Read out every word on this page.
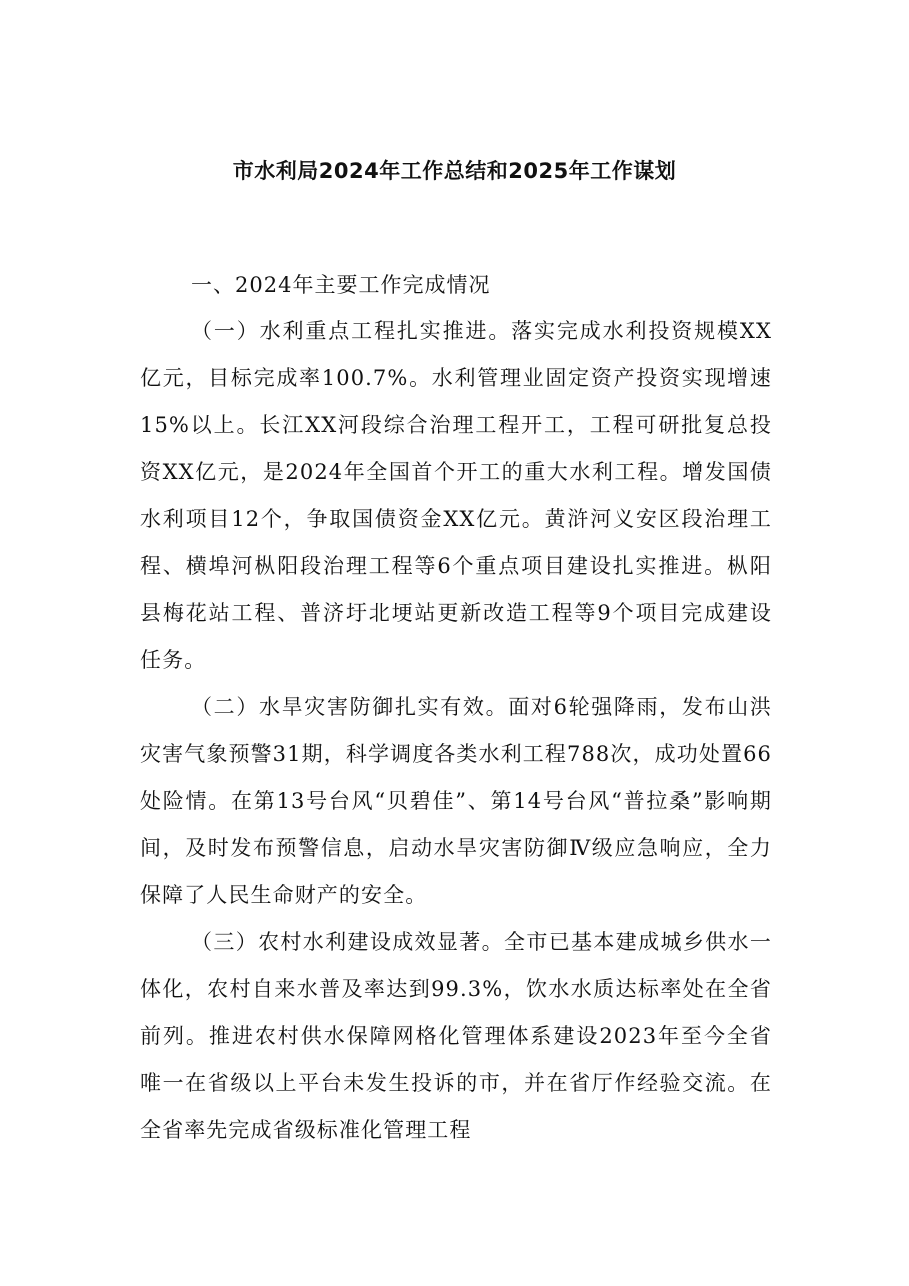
市水利局2024年工作总结和2025年工作谋划

一、2024年主要工作完成情况

（一）水利重点工程扎实推进。落实完成水利投资规模XX亿元，目标完成率100.7%。水利管理业固定资产投资实现增速15%以上。长江XX河段综合治理工程开工，工程可研批复总投资XX亿元，是2024年全国首个开工的重大水利工程。增发国债水利项目12个，争取国债资金XX亿元。黄浒河义安区段治理工程、横埠河枞阳段治理工程等6个重点项目建设扎实推进。枞阳县梅花站工程、普济圩北埂站更新改造工程等9个项目完成建设任务。

（二）水旱灾害防御扎实有效。面对6轮强降雨，发布山洪灾害气象预警31期，科学调度各类水利工程788次，成功处置66处险情。在第13号台风“贝碧佳”、第14号台风“普拉桑”影响期间，及时发布预警信息，启动水旱灾害防御Ⅳ级应急响应，全力保障了人民生命财产的安全。

（三）农村水利建设成效显著。全市已基本建成城乡供水一体化，农村自来水普及率达到99.3%，饮水水质达标率处在全省前列。推进农村供水保障网格化管理体系建设2023年至今全省唯一在省级以上平台未发生投诉的市，并在省厅作经验交流。在全省率先完成省级标准化管理工程
